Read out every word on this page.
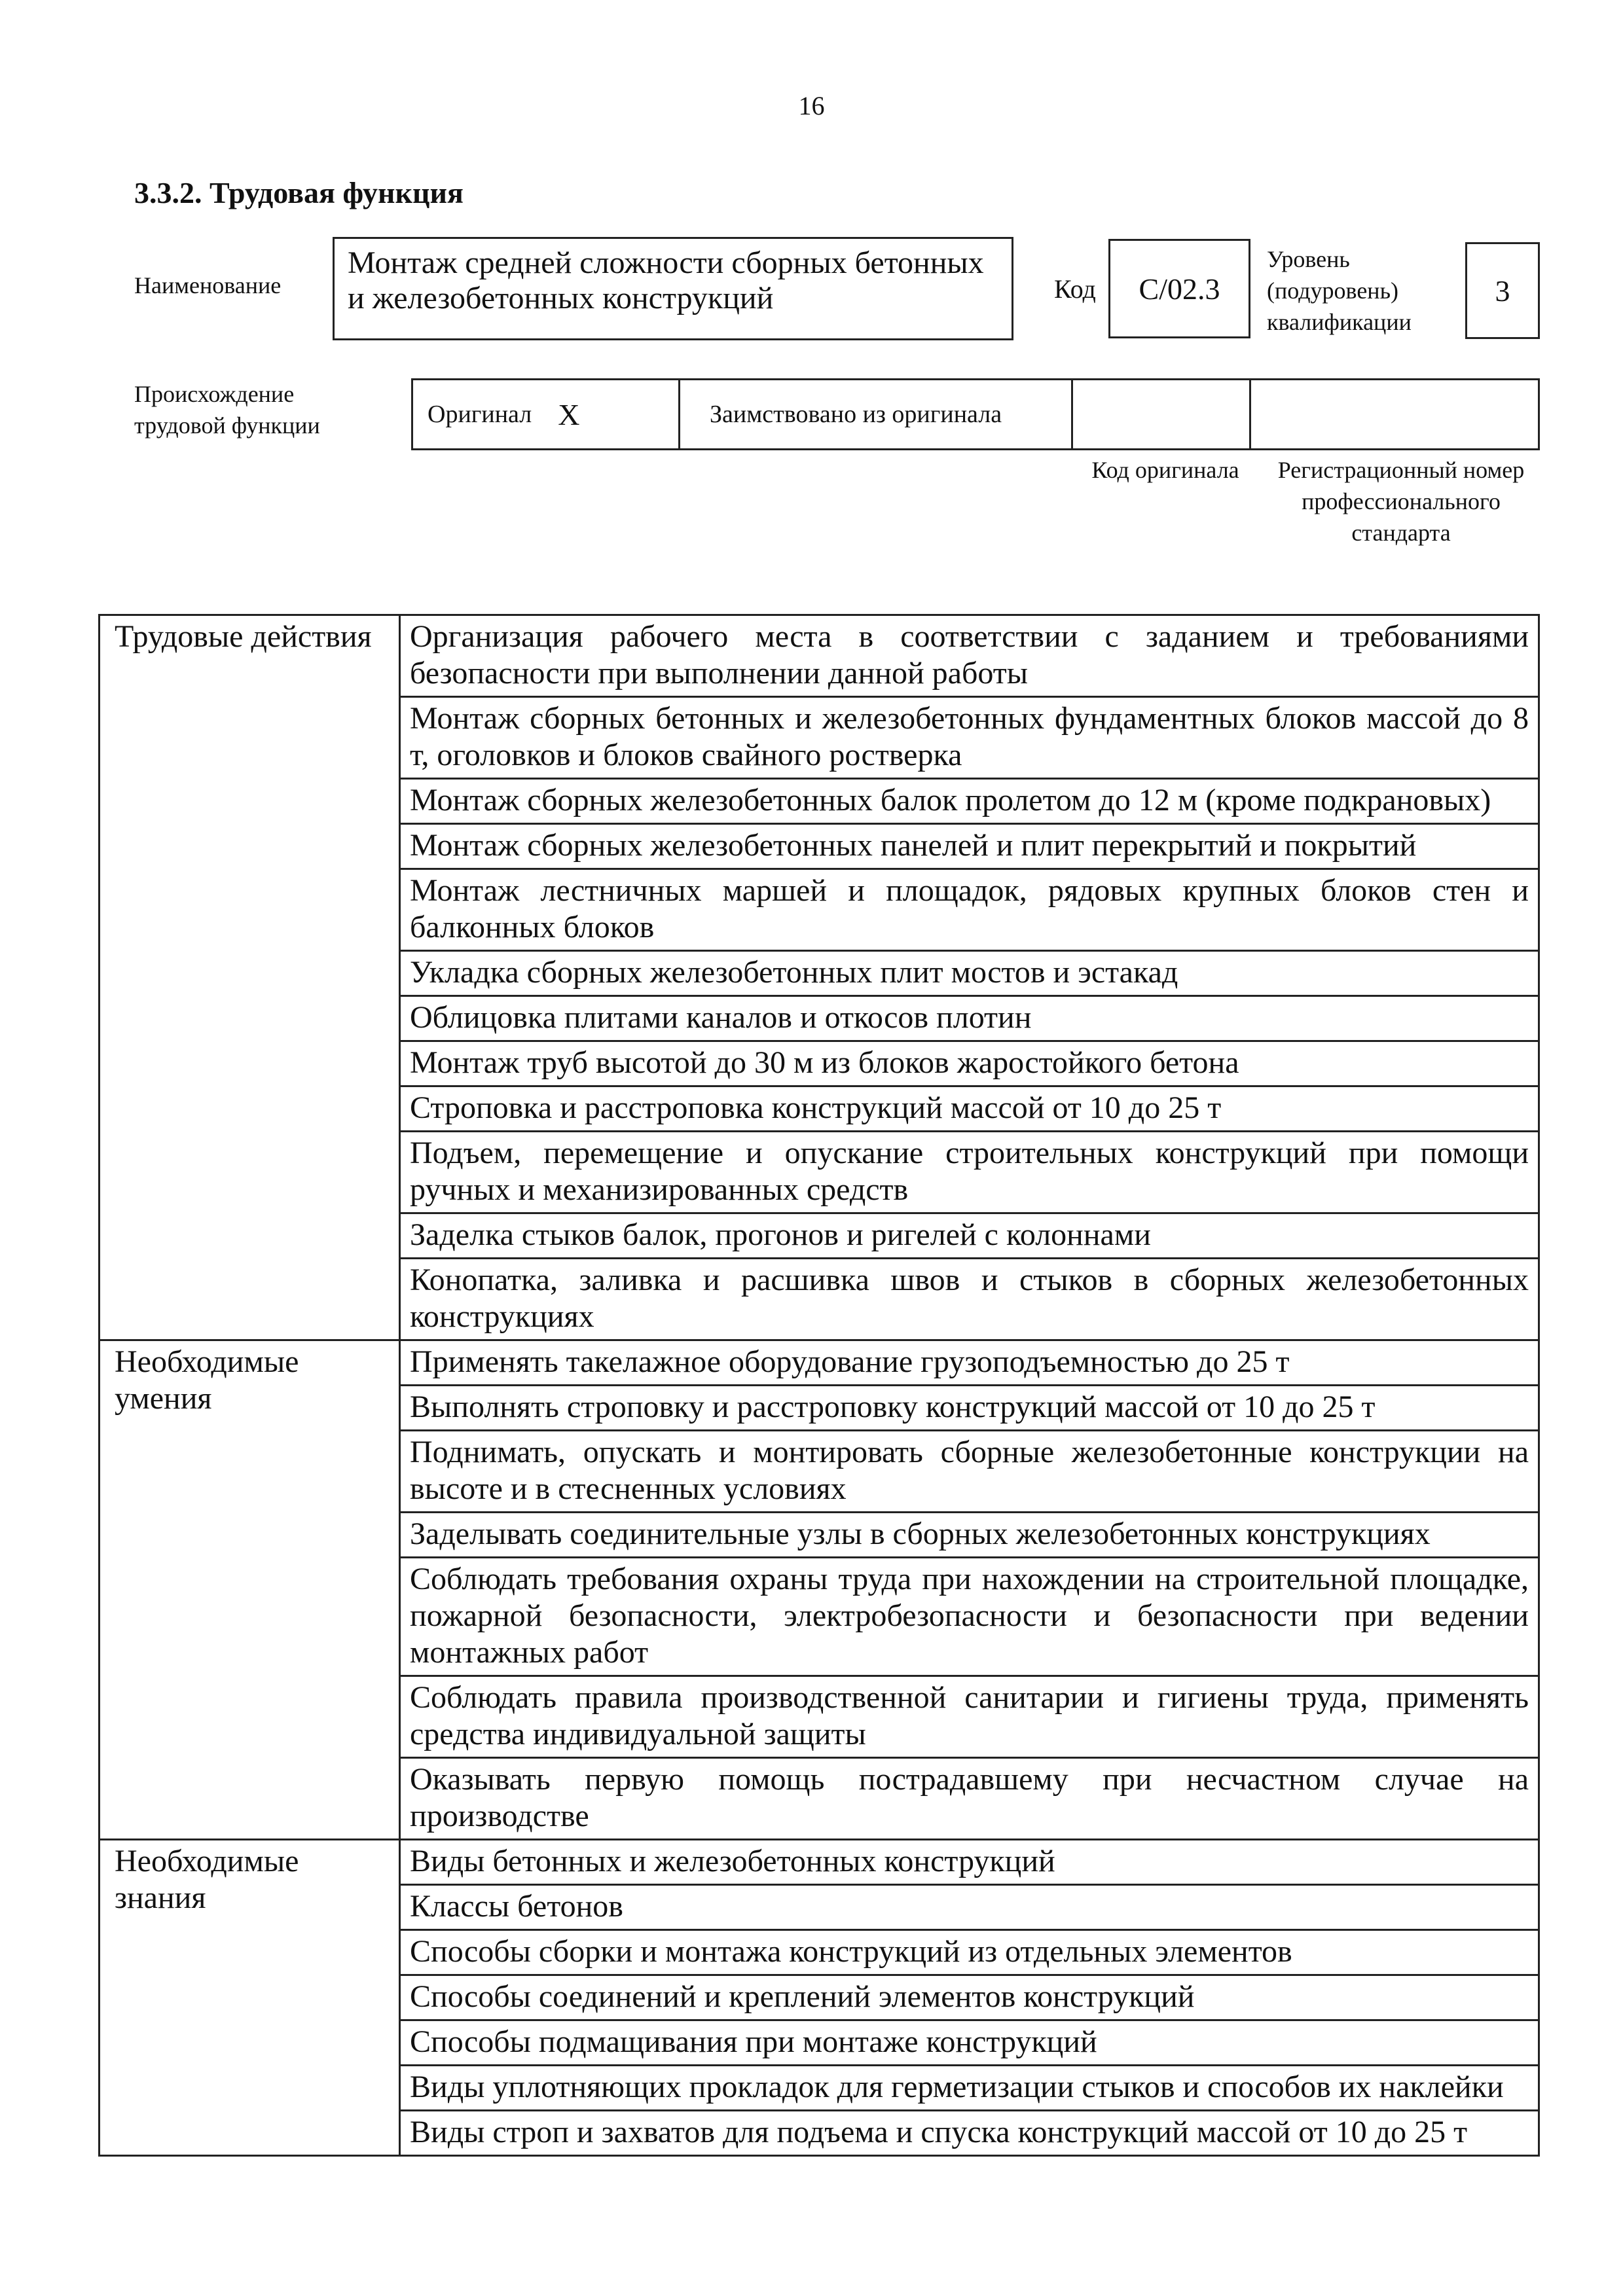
16
3.3.2. Трудовая функция
Наименование
Монтаж средней сложности сборных бетонных и железобетонных конструкций	Код С/02.3
Уровень (подуровень) квалификации
3
Происхождение трудовой функции	Оригинал X	Заимствовано из оригинала
Код оригинала	Регистрационный номер профессионального стандарта
Трудовые действия	Организация рабочего места в соответствии с заданием и требованиями безопасности при выполнении данной работы
	Монтаж сборных бетонных и железобетонных фундаментных блоков массой до 8 т, оголовков и блоков свайного ростверка
	Монтаж сборных железобетонных балок пролетом до 12 м (кроме подкрановых)
	Монтаж сборных железобетонных панелей и плит перекрытий и покрытий
	Монтаж лестничных маршей и площадок, рядовых крупных блоков стен и балконных блоков
	Укладка сборных железобетонных плит мостов и эстакад
	Облицовка плитами каналов и откосов плотин
	Монтаж труб высотой до 30 м из блоков жаростойкого бетона
	Строповка и расстроповка конструкций массой от 10 до 25 т
	Подъем, перемещение и опускание строительных конструкций при помощи ручных и механизированных средств
	Заделка стыков балок, прогонов и ригелей с колоннами
	Конопатка, заливка и расшивка швов и стыков в сборных железобетонных конструкциях
Необходимые умения	Применять такелажное оборудование грузоподъемностью до 25 т
	Выполнять строповку и расстроповку конструкций массой от 10 до 25 т
	Поднимать, опускать и монтировать сборные железобетонные конструкции на высоте и в стесненных условиях
	Заделывать соединительные узлы в сборных железобетонных конструкциях
	Соблюдать требования охраны труда при нахождении на строительной площадке, пожарной безопасности, электробезопасности и безопасности при ведении монтажных работ
	Соблюдать правила производственной санитарии и гигиены труда, применять средства индивидуальной защиты
	Оказывать первую помощь пострадавшему при несчастном случае на производстве
Необходимые знания	Виды бетонных и железобетонных конструкций
	Классы бетонов
	Способы сборки и монтажа конструкций из отдельных элементов
	Способы соединений и креплений элементов конструкций
	Способы подмащивания при монтаже конструкций
	Виды уплотняющих прокладок для герметизации стыков и способов их наклейки
	Виды строп и захватов для подъема и спуска конструкций массой от 10 до 25 т
